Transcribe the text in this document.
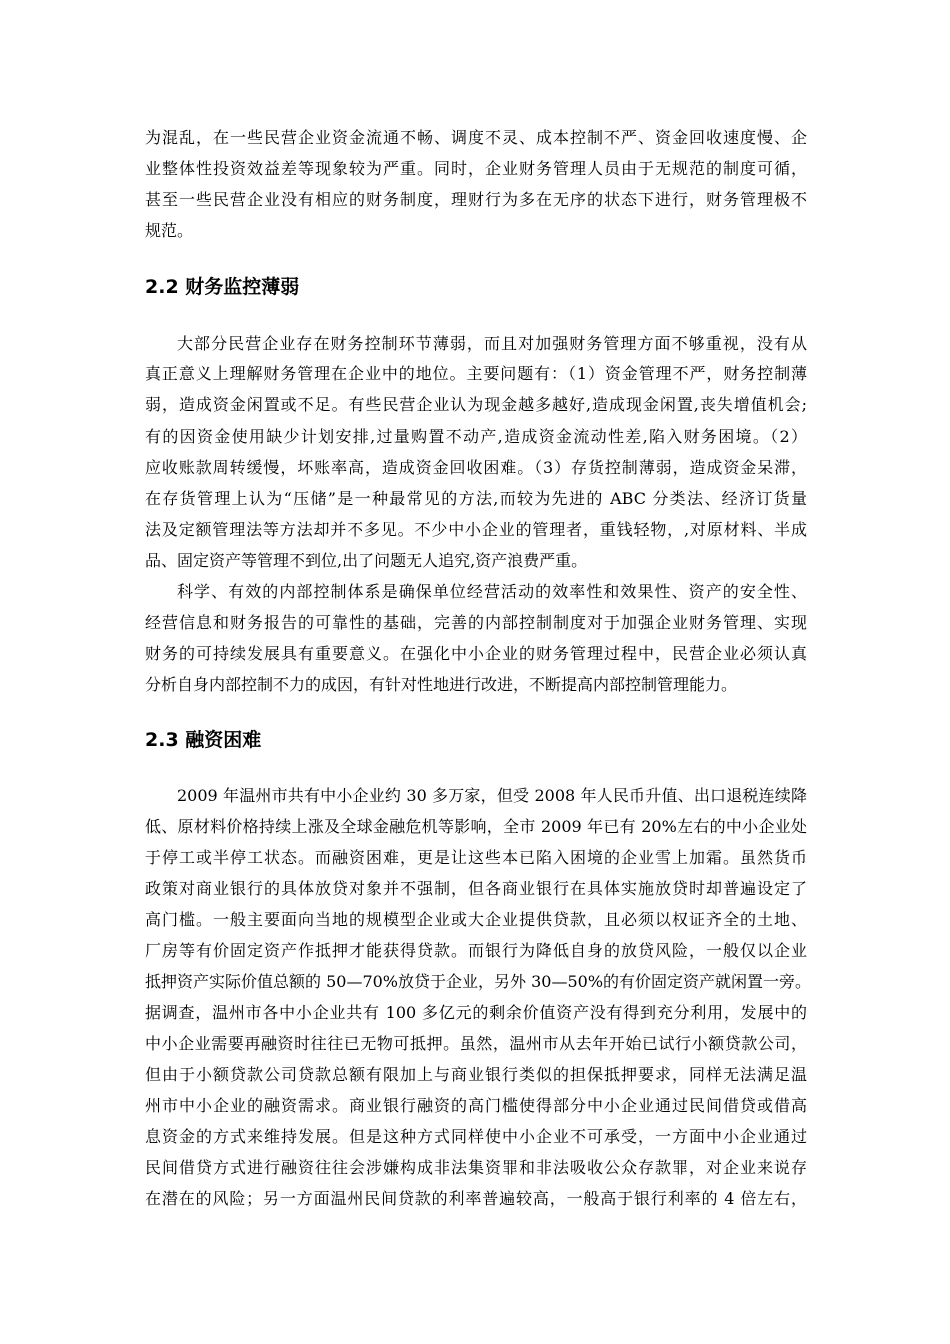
为混乱，在一些民营企业资金流通不畅、调度不灵、成本控制不严、资金回收速度慢、企
业整体性投资效益差等现象较为严重。同时，企业财务管理人员由于无规范的制度可循，
甚至一些民营企业没有相应的财务制度，理财行为多在无序的状态下进行，财务管理极不
规范。
2.2 财务监控薄弱
大部分民营企业存在财务控制环节薄弱，而且对加强财务管理方面不够重视，没有从
真正意义上理解财务管理在企业中的地位。主要问题有：（1）资金管理不严，财务控制薄
弱，造成资金闲置或不足。有些民营企业认为现金越多越好,造成现金闲置,丧失增值机会;
有的因资金使用缺少计划安排,过量购置不动产,造成资金流动性差,陷入财务困境。（2）
应收账款周转缓慢，坏账率高，造成资金回收困难。（3）存货控制薄弱，造成资金呆滞，
在存货管理上认为“压储”是一种最常见的方法,而较为先进的 ABC 分类法、经济订货量
法及定额管理法等方法却并不多见。不少中小企业的管理者，重钱轻物，,对原材料、半成
品、固定资产等管理不到位,出了问题无人追究,资产浪费严重。
科学、有效的内部控制体系是确保单位经营活动的效率性和效果性、资产的安全性、
经营信息和财务报告的可靠性的基础，完善的内部控制制度对于加强企业财务管理、实现
财务的可持续发展具有重要意义。在强化中小企业的财务管理过程中，民营企业必须认真
分析自身内部控制不力的成因，有针对性地进行改进，不断提高内部控制管理能力。
2.3 融资困难
2009 年温州市共有中小企业约 30 多万家，但受 2008 年人民币升值、出口退税连续降
低、原材料价格持续上涨及全球金融危机等影响，全市 2009 年已有 20%左右的中小企业处
于停工或半停工状态。而融资困难，更是让这些本已陷入困境的企业雪上加霜。虽然货币
政策对商业银行的具体放贷对象并不强制，但各商业银行在具体实施放贷时却普遍设定了
高门槛。一般主要面向当地的规模型企业或大企业提供贷款，且必须以权证齐全的土地、
厂房等有价固定资产作抵押才能获得贷款。而银行为降低自身的放贷风险，一般仅以企业
抵押资产实际价值总额的 50—70%放贷于企业，另外 30—50%的有价固定资产就闲置一旁。
据调查，温州市各中小企业共有 100 多亿元的剩余价值资产没有得到充分利用，发展中的
中小企业需要再融资时往往已无物可抵押。虽然，温州市从去年开始已试行小额贷款公司，
但由于小额贷款公司贷款总额有限加上与商业银行类似的担保抵押要求，同样无法满足温
州市中小企业的融资需求。商业银行融资的高门槛使得部分中小企业通过民间借贷或借高
息资金的方式来维持发展。但是这种方式同样使中小企业不可承受，一方面中小企业通过
民间借贷方式进行融资往往会涉嫌构成非法集资罪和非法吸收公众存款罪，对企业来说存
在潜在的风险；另一方面温州民间贷款的利率普遍较高，一般高于银行利率的 4 倍左右，
